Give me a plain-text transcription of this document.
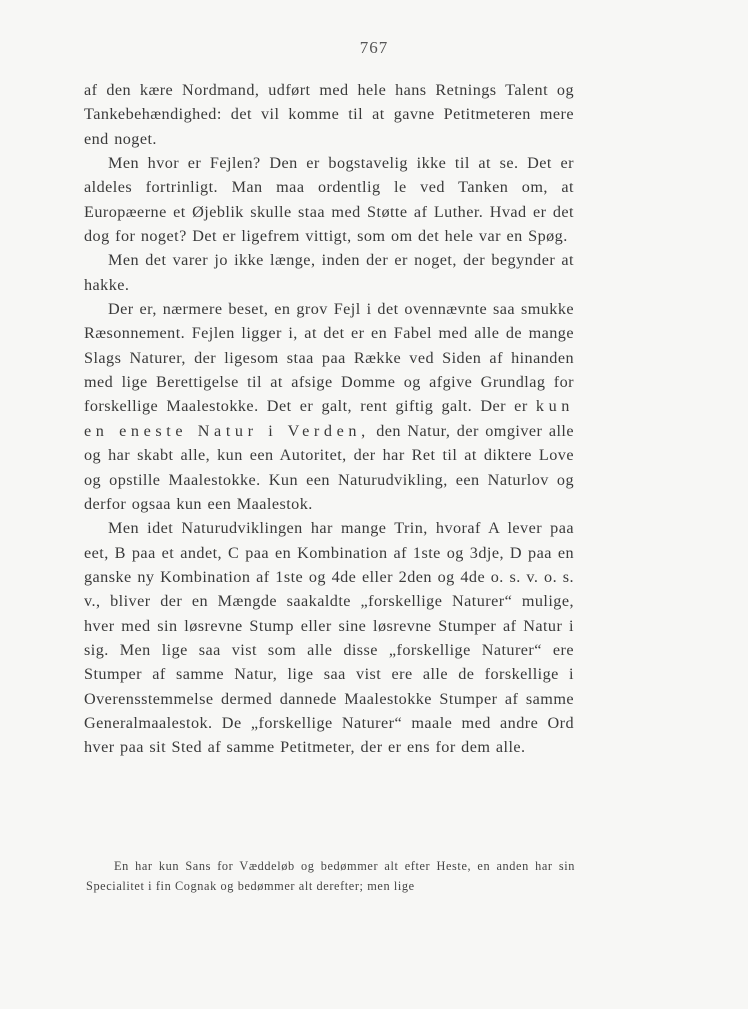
767

af den kære Nordmand, udført med hele hans Retnings Talent og Tankebehændighed: det vil komme til at gavne Petitmeteren mere end noget.

Men hvor er Fejlen? Den er bogstavelig ikke til at se. Det er aldeles fortrinligt. Man maa ordentlig le ved Tanken om, at Europæerne et Øjeblik skulle staa med Støtte af Luther. Hvad er det dog for noget? Det er ligefrem vittigt, som om det hele var en Spøg.

Men det varer jo ikke længe, inden der er noget, der begynder at hakke.

Der er, nærmere beset, en grov Fejl i det ovennævnte saa smukke Ræsonnement. Fejlen ligger i, at det er en Fabel med alle de mange Slags Naturer, der ligesom staa paa Række ved Siden af hinanden med lige Berettigelse til at afsige Domme og afgive Grundlag for forskellige Maalestokke. Det er galt, rent giftig galt. Der er kun en eneste Natur i Verden, den Natur, der omgiver alle og har skabt alle, kun een Autoritet, der har Ret til at diktere Love og opstille Maalestokke. Kun een Naturudvikling, een Naturlov og derfor ogsaa kun een Maalestok.

Men idet Naturudviklingen har mange Trin, hvoraf A lever paa eet, B paa et andet, C paa en Kombination af 1ste og 3dje, D paa en ganske ny Kombination af 1ste og 4de eller 2den og 4de o. s. v. o. s. v., bliver der en Mængde saakaldte „forskellige Naturer“ mulige, hver med sin løsrevne Stump eller sine løsrevne Stumper af Natur i sig. Men lige saa vist som alle disse „forskellige Naturer“ ere Stumper af samme Natur, lige saa vist ere alle de forskellige i Overensstemmelse dermed dannede Maalestokke Stumper af samme Generalmaalestok. De „forskellige Naturer“ maale med andre Ord hver paa sit Sted af samme Petitmeter, der er ens for dem alle.

En har kun Sans for Væddeløb og bedømmer alt efter Heste, en anden har sin Specialitet i fin Cognak og bedømmer alt derefter; men lige
